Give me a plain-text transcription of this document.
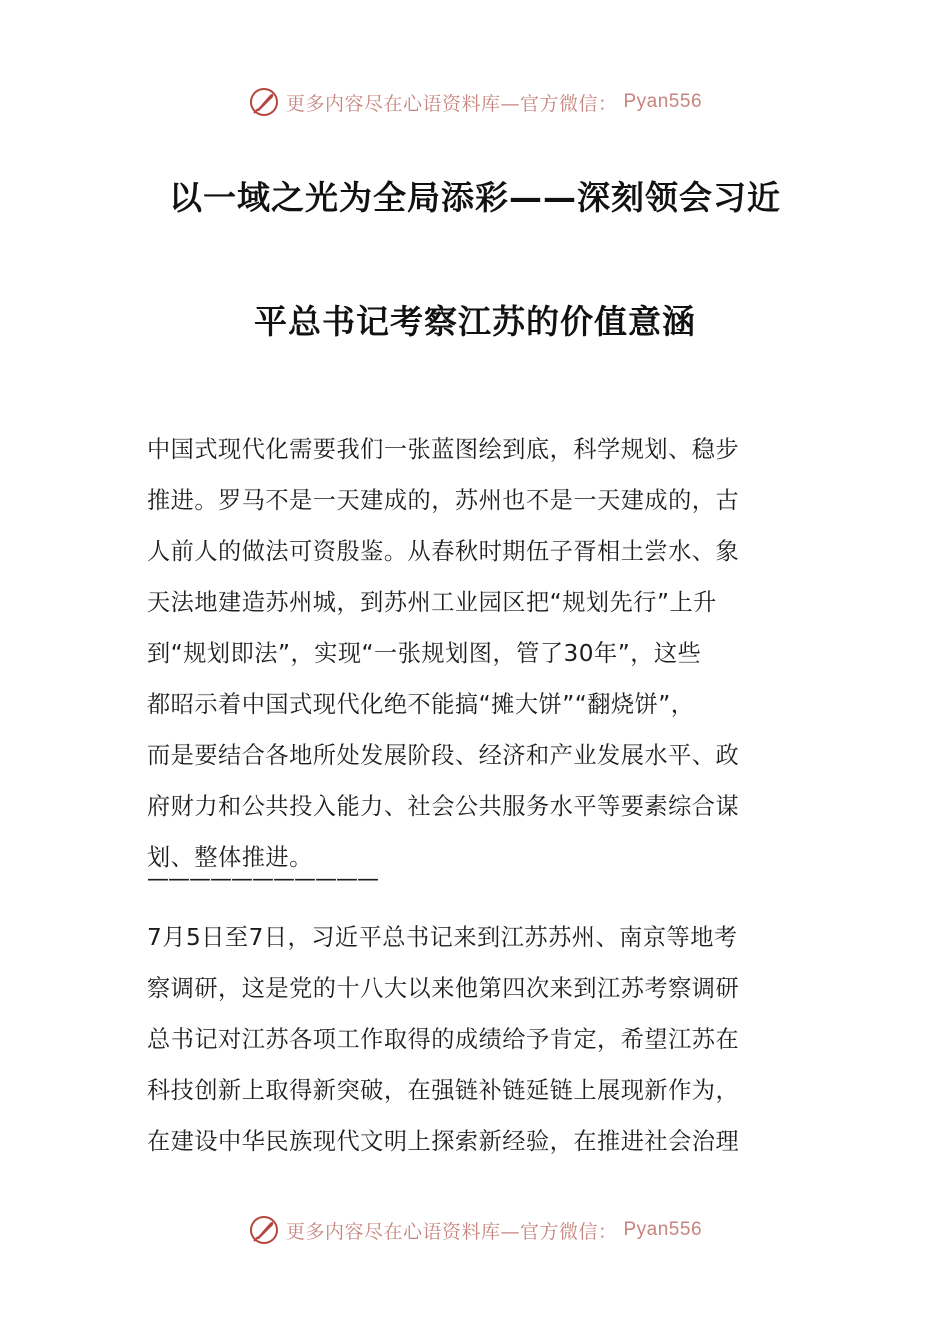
更多内容尽在心语资料库—官方微信： Pyan556
以一域之光为全局添彩——深刻领会习近
平总书记考察江苏的价值意涵
中国式现代化需要我们一张蓝图绘到底，科学规划、稳步
推进。罗马不是一天建成的，苏州也不是一天建成的，古
人前人的做法可资殷鉴。从春秋时期伍子胥相土尝水、象
天法地建造苏州城，到苏州工业园区把“规划先行”上升
到“规划即法”，实现“一张规划图，管了30年”，这些
都昭示着中国式现代化绝不能搞“摊大饼”“翻烧饼”，
而是要结合各地所处发展阶段、经济和产业发展水平、政
府财力和公共投入能力、社会公共服务水平等要素综合谋
划、整体推进。
———————————
7月5日至7日，习近平总书记来到江苏苏州、南京等地考
察调研，这是党的十八大以来他第四次来到江苏考察调研
总书记对江苏各项工作取得的成绩给予肯定，希望江苏在
科技创新上取得新突破，在强链补链延链上展现新作为，
在建设中华民族现代文明上探索新经验，在推进社会治理
更多内容尽在心语资料库—官方微信： Pyan556
